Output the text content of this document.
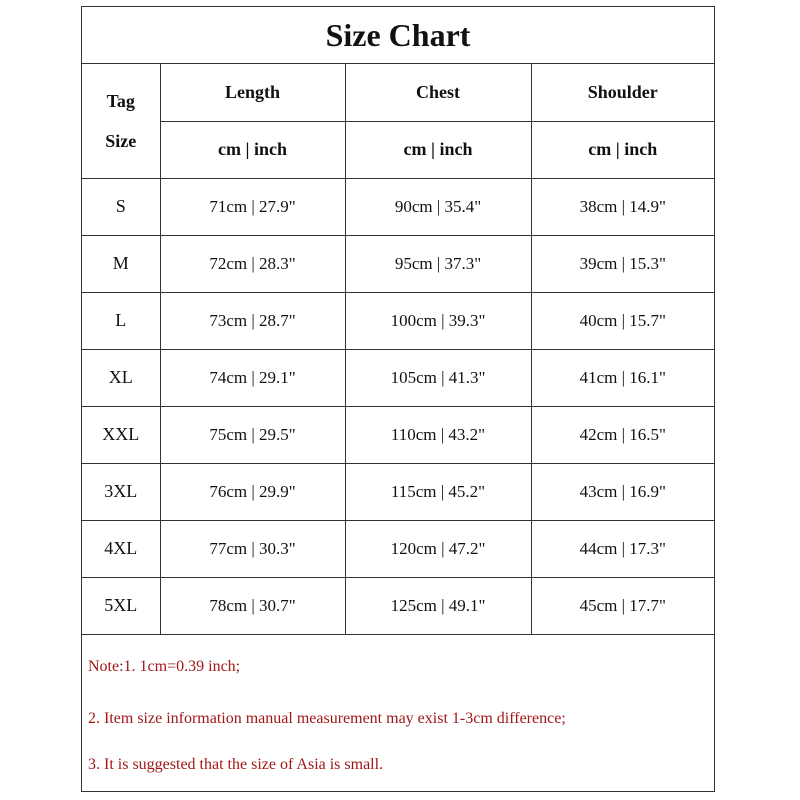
Size Chart
Tag
Size	Length	Chest	Shoulder
	cm | inch	cm | inch	cm | inch
S	71cm | 27.9"	90cm | 35.4"	38cm | 14.9"
M	72cm | 28.3"	95cm | 37.3"	39cm | 15.3"
L	73cm | 28.7"	100cm | 39.3"	40cm | 15.7"
XL	74cm | 29.1"	105cm | 41.3"	41cm | 16.1"
XXL	75cm | 29.5"	110cm | 43.2"	42cm | 16.5"
3XL	76cm | 29.9"	115cm | 45.2"	43cm | 16.9"
4XL	77cm | 30.3"	120cm | 47.2"	44cm | 17.3"
5XL	78cm | 30.7"	125cm | 49.1"	45cm | 17.7"
Note:1. 1cm=0.39 inch;
2. Item size information manual measurement may exist 1-3cm difference;
3. It is suggested that the size of Asia is small.
